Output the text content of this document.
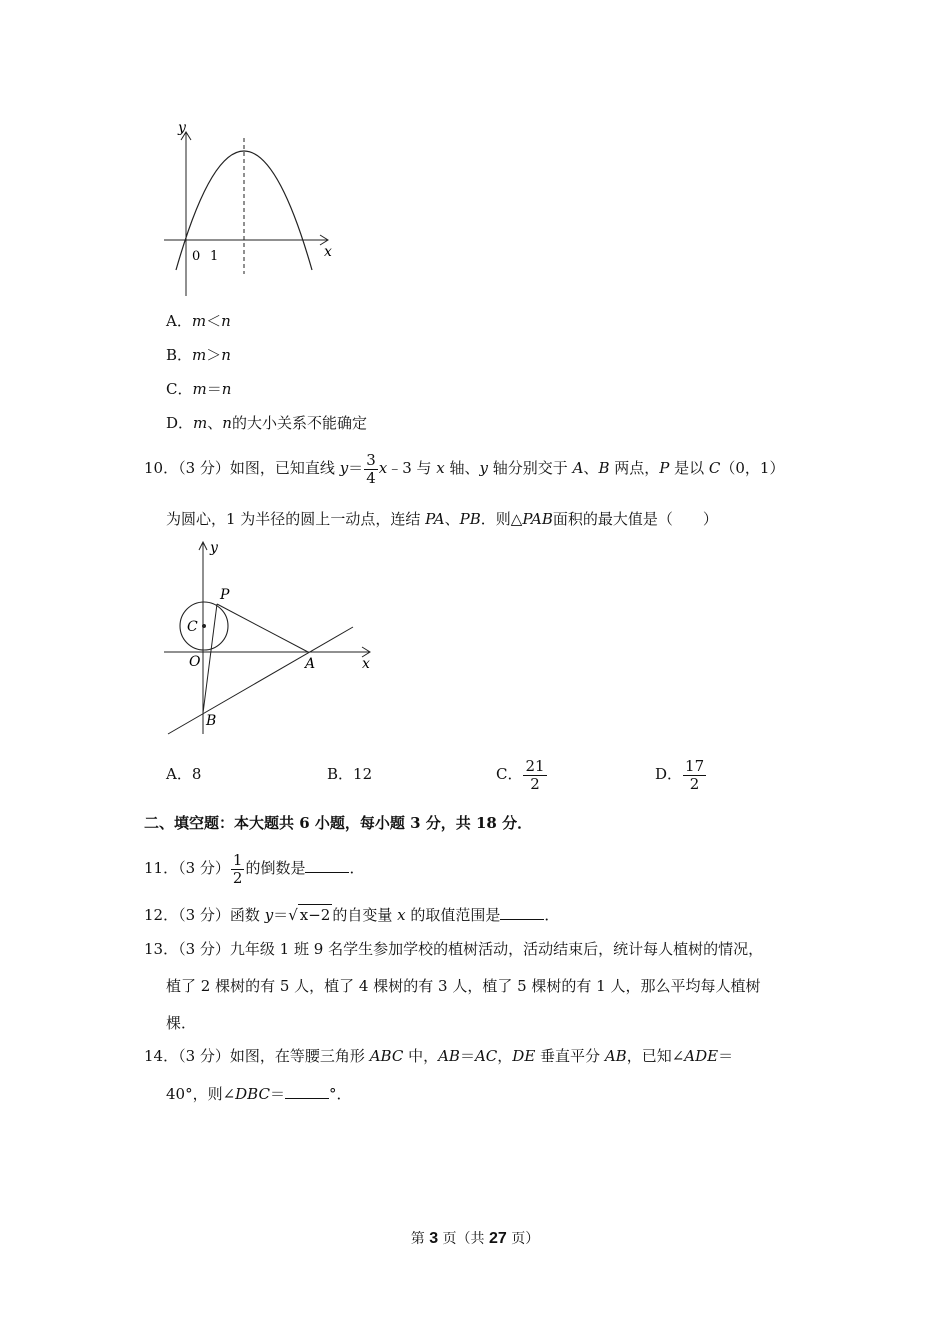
y
x
0 1
A．m＜n
B．m＞n
C．m＝n
D．m、n的大小关系不能确定
10．（3 分）如图，已知直线 $y= \frac{3}{4}$ x﹣3 与 x 轴、y 轴分别交于 A、B 两点，P 是以 C（0，1）
为圆心，1 为半径的圆上一动点，连结 PA、PB．则△PAB面积的最大值是（　　）
y
x
P
C
O	A
B
A．8	B．12	C． $\frac{21}{2}$	D． $\frac{17}{2}$
二、填空题：本大题共 6 小题，每小题 3 分，共 18 分．
11．（3 分） $\frac{1}{2}$ 的倒数是	．
12．（3 分）函数 y＝√ x−2 的自变量 x 的取值范围是	．
13．（3 分）九年级 1 班 9 名学生参加学校的植树活动，活动结束后，统计每人植树的情况，
植了 2 棵树的有 5 人，植了 4 棵树的有 3 人，植了 5 棵树的有 1 人，那么平均每人植树
棵．
14．（3 分）如图，在等腰三角形 ABC 中，AB＝AC，DE 垂直平分 AB，已知∠ADE＝
40°，则∠DBC＝	°．
第 3 页（共 27 页）
